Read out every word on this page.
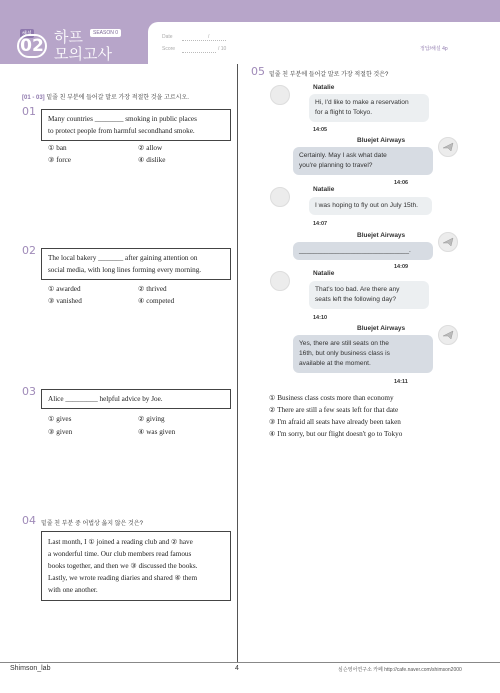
해설
02 하프	SEASON 0
모의고사
Date	/
Score	/ 10	정답/해설 4p
[01 - 03] 밑줄 친 부분에 들어갈 말로 가장 적절한 것을 고르시오.
01
Many countries ________ smoking in public places
to protect people from harmful secondhand smoke.
① ban	② allow
③ force	④ dislike
02
The local bakery _______ after gaining attention on
social media, with long lines forming every morning.
① awarded	② thrived
③ vanished	④ competed
03
Alice _________ helpful advice by Joe.
① gives	② giving
③ given	④ was given
04 밑줄 친 부분 중 어법상 옳지 않은 것은?
Last month, I ① joined a reading club and ② have
a wonderful time. Our club members read famous
books together, and then we ③ discussed the books.
Lastly, we wrote reading diaries and shared ④ them
with one another.
05 밑줄 친 부분에 들어갈 말로 가장 적절한 것은?
Natalie
Hi, I'd like to make a reservation
for a flight to Tokyo.
14:05
Bluejet Airways
Certainly. May I ask what date
you're planning to travel?
14:06
Natalie
I was hoping to fly out on July 15th.
14:07
Bluejet Airways
______________________________.
14:09
Natalie
That's too bad. Are there any
seats left the following day?
14:10
Bluejet Airways
Yes, there are still seats on the
16th, but only business class is
available at the moment.
14:11
① Business class costs more than economy
② There are still a few seats left for that date
③ I'm afraid all seats have already been taken
④ I'm sorry, but our flight doesn't go to Tokyo
Shimson_lab	4	심슨영어연구소 카페 http://cafe.naver.com/shimson2000
